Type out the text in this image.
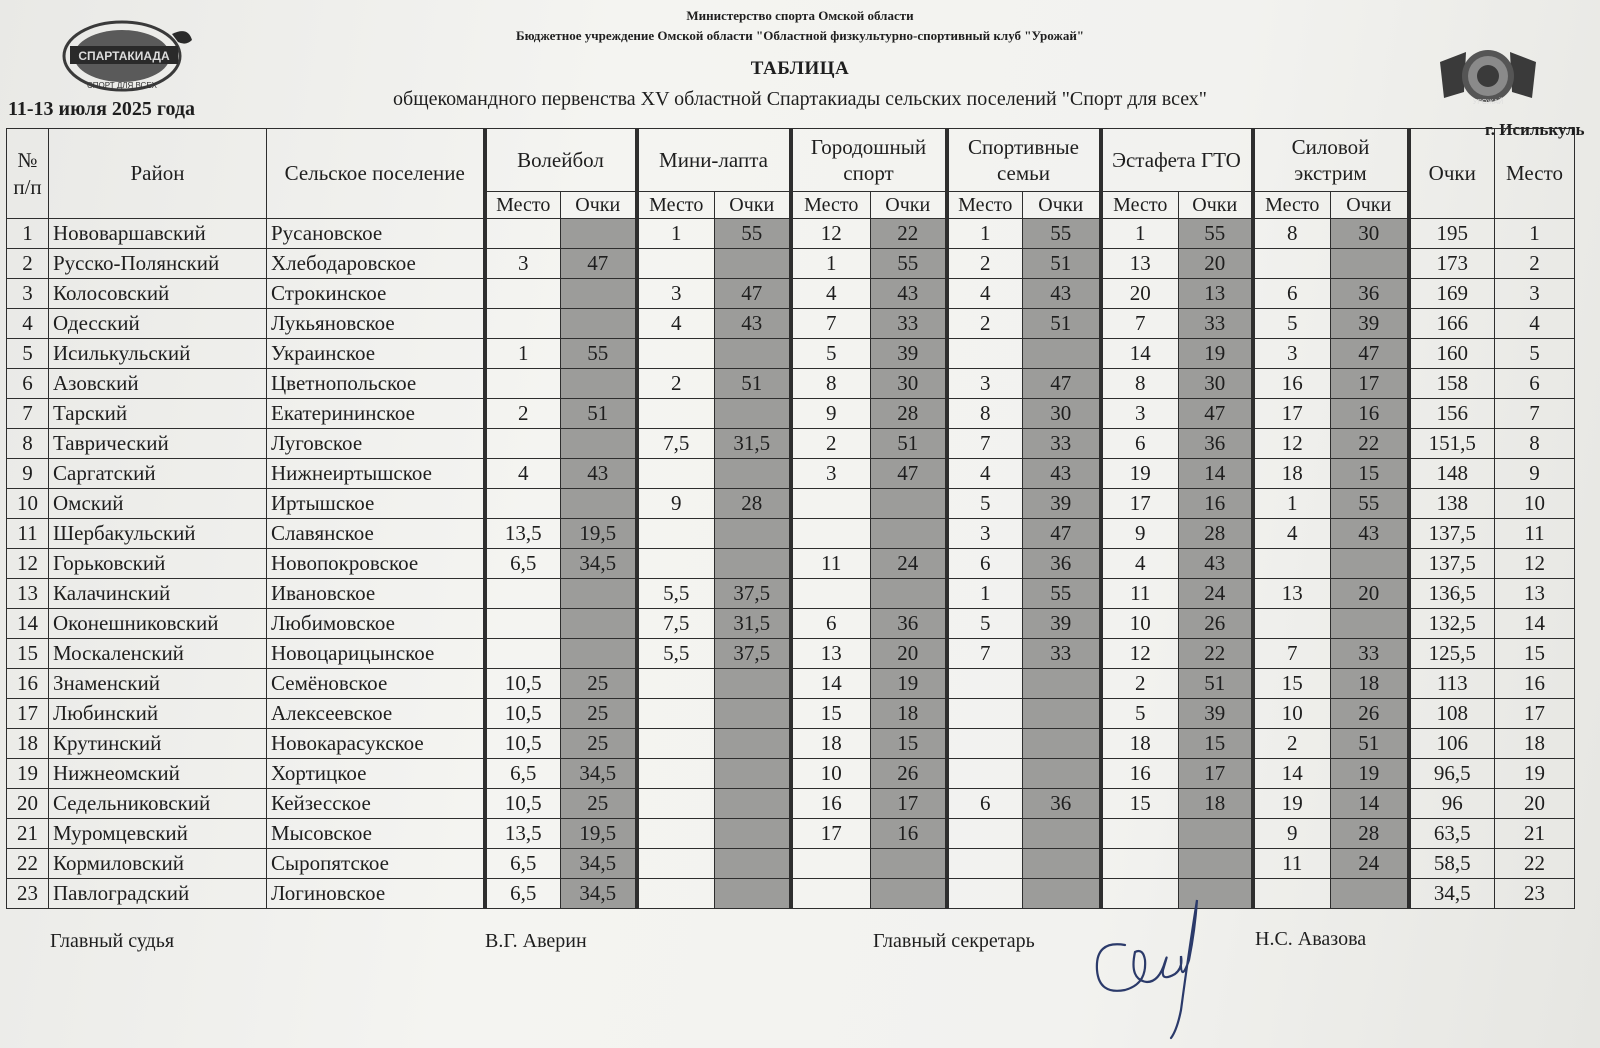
СПАРТАКИАДА
СПОРТ ДЛЯ ВСЕХ
УРОЖАЙ
Министерство спорта Омской области
Бюджетное учреждение Омской области "Областной физкультурно-спортивный клуб "Урожай"
ТАБЛИЦА
общекомандного первенства XV областной Спартакиады сельских поселений "Спорт для всех"
11-13 июля 2025 года
г. Исилькуль
№ п/п	Район	Сельское поселение	Волейбол		Мини-лапта		Городошный спорт		Спортивные семьи		Эстафета ГТО		Силовой экстрим		Очки	Место
			Место	Очки	Место	Очки	Место	Очки	Место	Очки	Место	Очки	Место	Очки		
1	Нововаршавский	Русановское			1	55	12	22	1	55	1	55	8	30	195	1
2	Русско-Полянский	Хлебодаровское	3	47			1	55	2	51	13	20			173	2
3	Колосовский	Строкинское			3	47	4	43	4	43	20	13	6	36	169	3
4	Одесский	Лукьяновское			4	43	7	33	2	51	7	33	5	39	166	4
5	Исилькульский	Украинское	1	55			5	39			14	19	3	47	160	5
6	Азовский	Цветнопольское			2	51	8	30	3	47	8	30	16	17	158	6
7	Тарский	Екатерининское	2	51			9	28	8	30	3	47	17	16	156	7
8	Таврический	Луговское			7,5	31,5	2	51	7	33	6	36	12	22	151,5	8
9	Саргатский	Нижнеиртышское	4	43			3	47	4	43	19	14	18	15	148	9
10	Омский	Иртышское			9	28			5	39	17	16	1	55	138	10
11	Шербакульский	Славянское	13,5	19,5					3	47	9	28	4	43	137,5	11
12	Горьковский	Новопокровское	6,5	34,5			11	24	6	36	4	43			137,5	12
13	Калачинский	Ивановское			5,5	37,5			1	55	11	24	13	20	136,5	13
14	Оконешниковский	Любимовское			7,5	31,5	6	36	5	39	10	26			132,5	14
15	Москаленский	Новоцарицынское			5,5	37,5	13	20	7	33	12	22	7	33	125,5	15
16	Знаменский	Семёновское	10,5	25			14	19			2	51	15	18	113	16
17	Любинский	Алексеевское	10,5	25			15	18			5	39	10	26	108	17
18	Крутинский	Новокарасукское	10,5	25			18	15			18	15	2	51	106	18
19	Нижнеомский	Хортицкое	6,5	34,5			10	26			16	17	14	19	96,5	19
20	Седельниковский	Кейзесское	10,5	25			16	17	6	36	15	18	19	14	96	20
21	Муромцевский	Мысовское	13,5	19,5			17	16					9	28	63,5	21
22	Кормиловский	Сыропятское	6,5	34,5									11	24	58,5	22
23	Павлоградский	Логиновское	6,5	34,5											34,5	23
Главный судья	В.Г. Аверин	Главный секретарь	Н.С. Авазова
